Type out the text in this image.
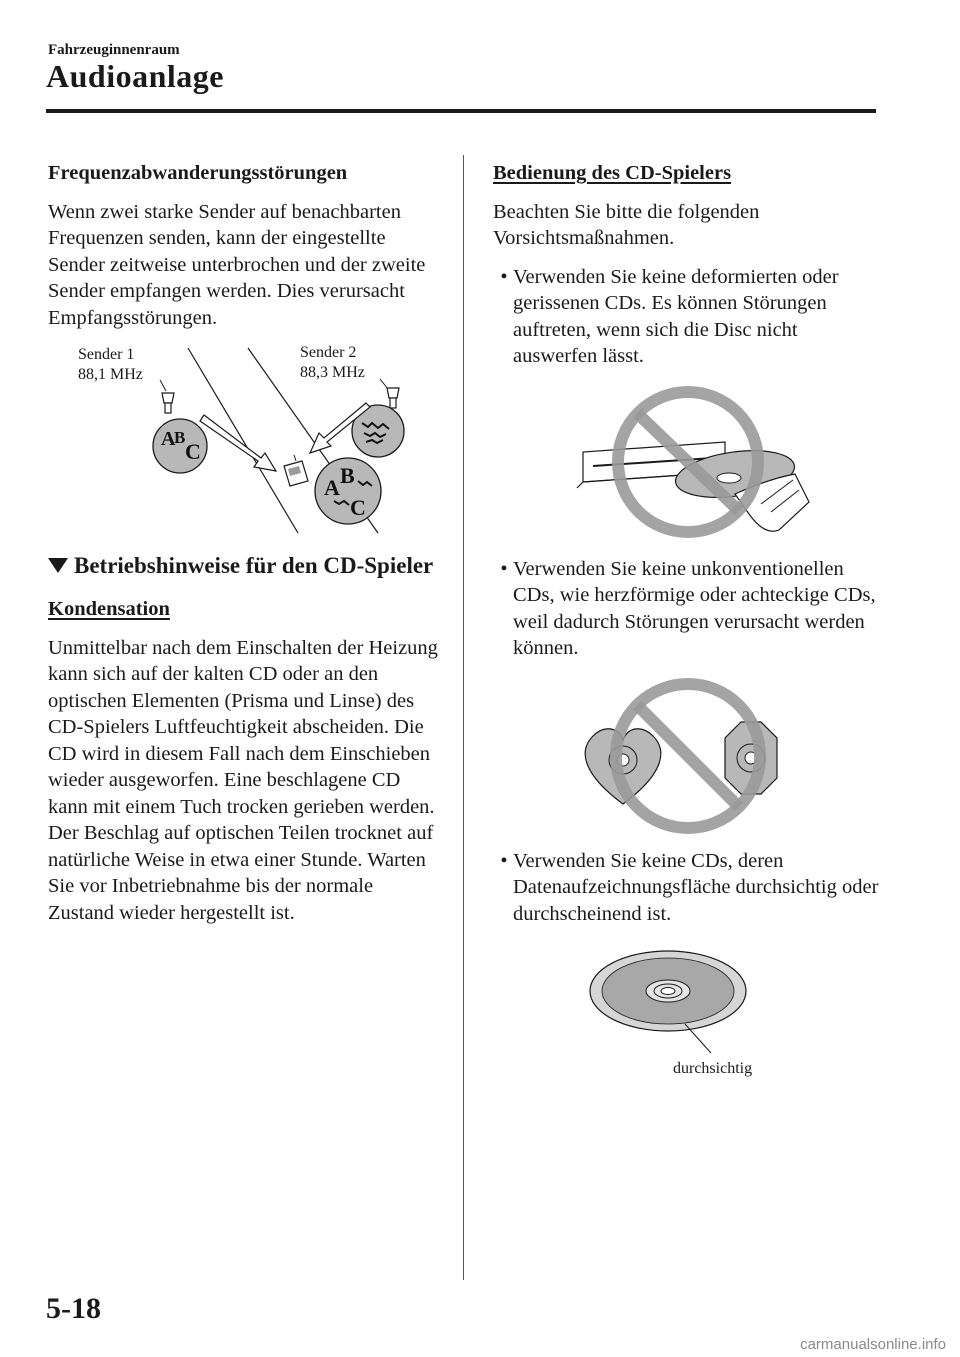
Fahrzeuginnenraum
Audioanlage
Frequenzabwanderungsstörungen

Wenn zwei starke Sender auf benachbarten Frequenzen senden, kann der eingestellte Sender zeitweise unterbrochen und der zweite Sender empfangen werden. Dies verursacht Empfangsstörungen.

Sender 1
88,1 MHz
Sender 2
88,3 MHz
A
B
C
A B
C
Betriebshinweise für den CD-Spieler
Kondensation

Unmittelbar nach dem Einschalten der Heizung kann sich auf der kalten CD oder an den optischen Elementen (Prisma und Linse) des CD-Spielers Luftfeuchtigkeit abscheiden. Die CD wird in diesem Fall nach dem Einschieben wieder ausgeworfen. Eine beschlagene CD kann mit einem Tuch trocken gerieben werden. Der Beschlag auf optischen Teilen trocknet auf natürliche Weise in etwa einer Stunde. Warten Sie vor Inbetriebnahme bis der normale Zustand wieder hergestellt ist.

Bedienung des CD-Spielers

Beachten Sie bitte die folgenden Vorsichtsmaßnahmen.

• Verwenden Sie keine deformierten oder gerissenen CDs. Es können Störungen auftreten, wenn sich die Disc nicht auswerfen lässt.
• Verwenden Sie keine unkonventionellen CDs, wie herzförmige oder achteckige CDs, weil dadurch Störungen verursacht werden können.
• Verwenden Sie keine CDs, deren Datenaufzeichnungsfläche durchsichtig oder durchscheinend ist.
durchsichtig
5-18
carmanualsonline.info
